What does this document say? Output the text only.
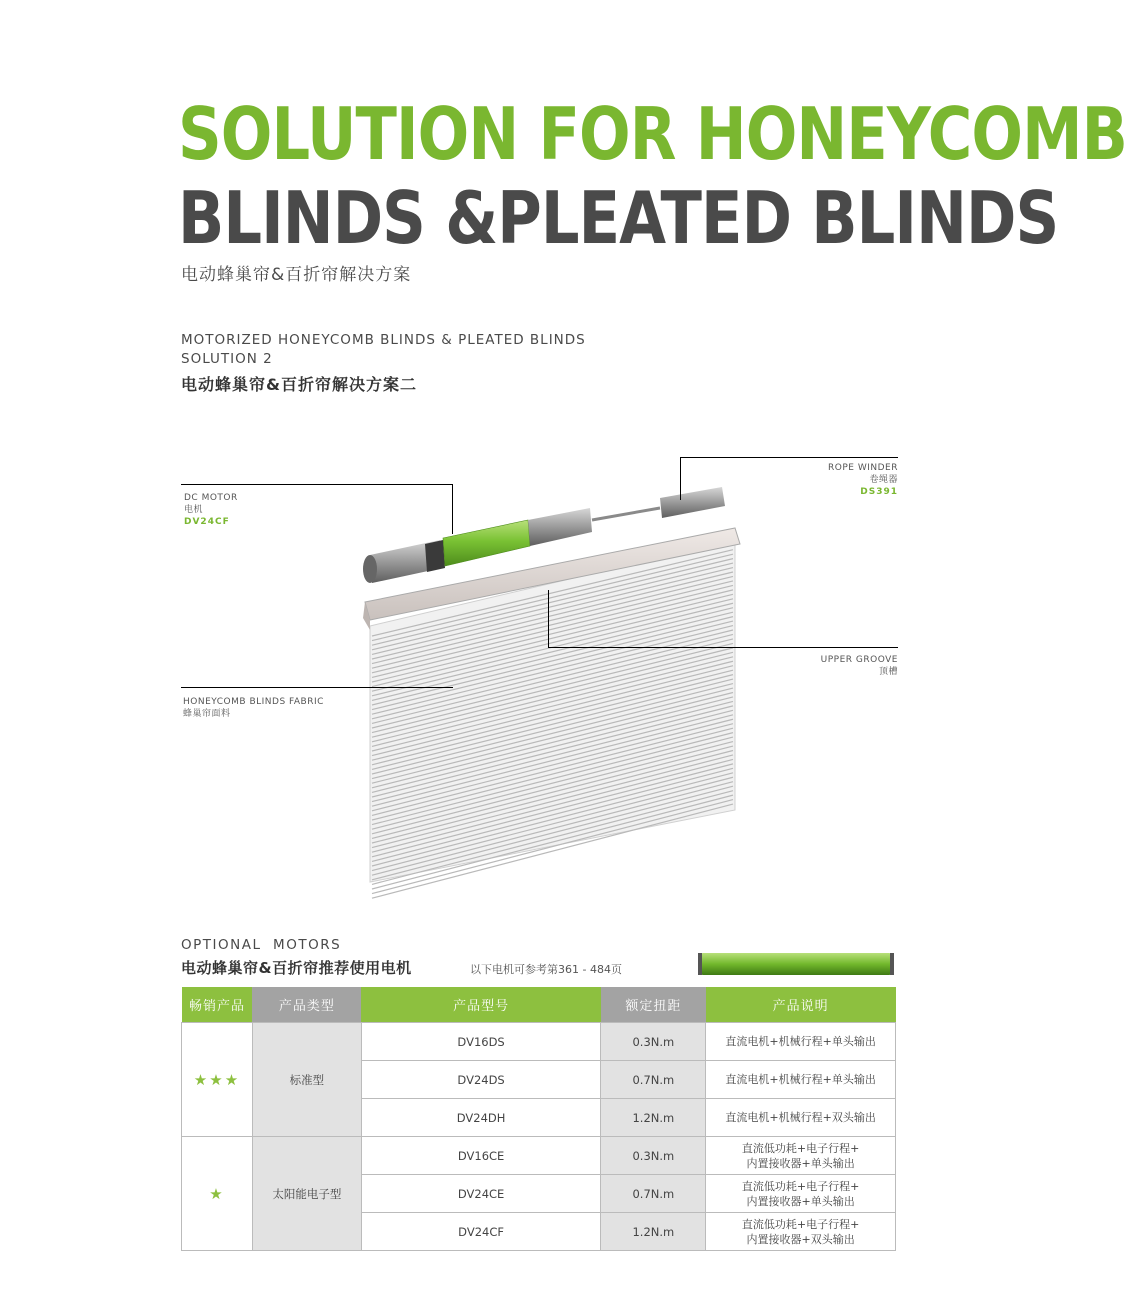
SOLUTION FOR HONEYCOMB
BLINDS &PLEATED BLINDS
电动蜂巢帘&百折帘解决方案
MOTORIZED HONEYCOMB BLINDS & PLEATED BLINDS
SOLUTION 2
电动蜂巢帘&百折帘解决方案二
DC MOTOR
电机
DV24CF
ROPE WINDER
卷绳器
DS391
UPPER GROOVE
顶槽
HONEYCOMB BLINDS FABRIC
蜂巢帘面料
OPTIONAL  MOTORS
电动蜂巢帘&百折帘推荐使用电机	以下电机可参考第361 - 484页
畅销产品	产品类型	产品型号	额定扭距	产品说明
★★★	标准型	DV16DS	0.3N.m	直流电机+机械行程+单头输出

		DV24DS	0.7N.m	直流电机+机械行程+单头输出

		DV24DH	1.2N.m	直流电机+机械行程+双头输出

★	太阳能电子型	DV16CE	0.3N.m	直流低功耗+电子行程+
内置接收器+单头输出

		DV24CE	0.7N.m	直流低功耗+电子行程+
内置接收器+单头输出

		DV24CF	1.2N.m	直流低功耗+电子行程+
内置接收器+双头输出
